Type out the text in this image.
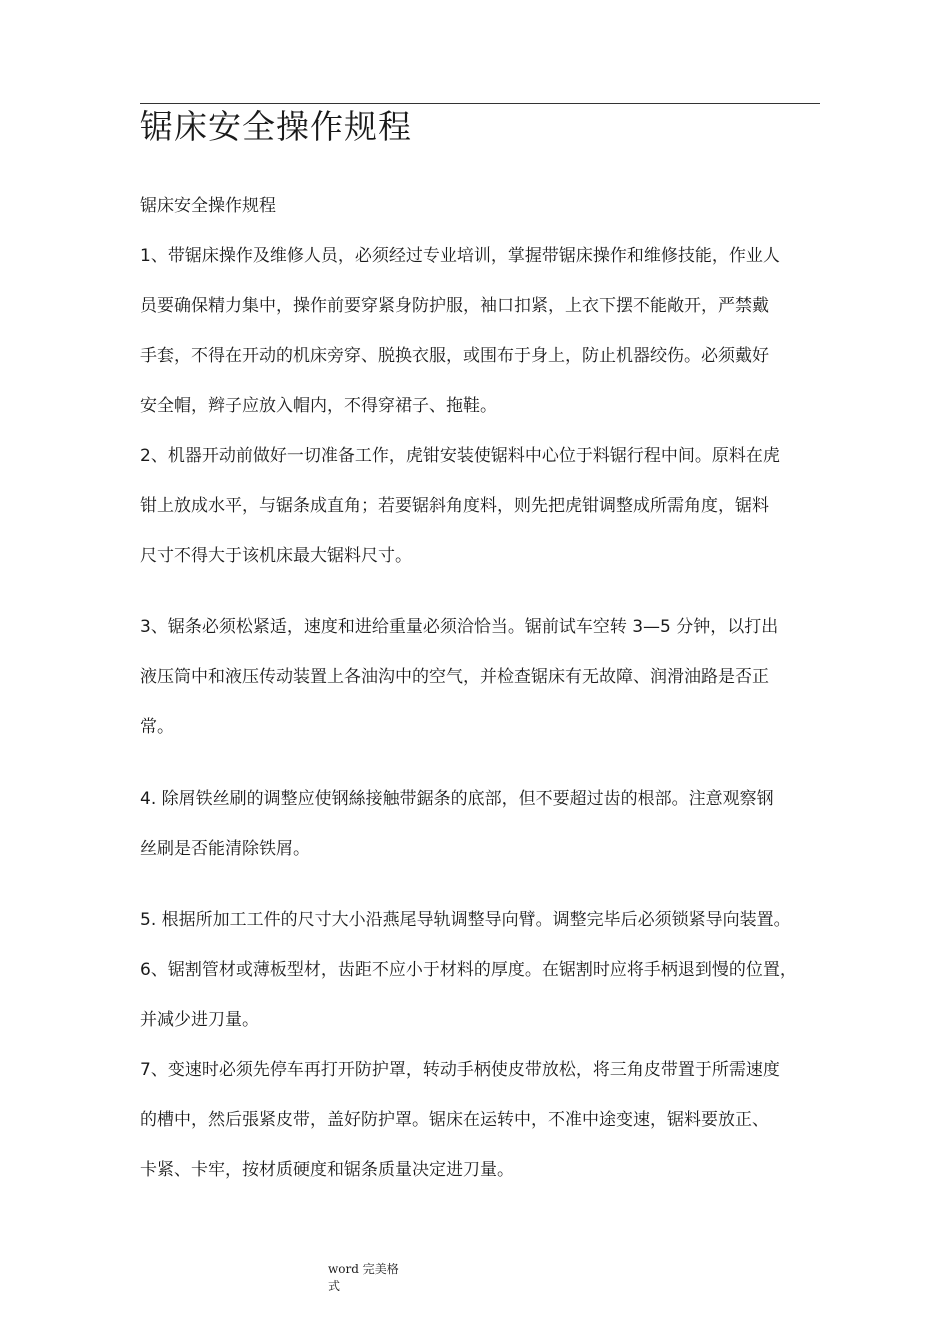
锯床安全操作规程
锯床安全操作规程
1、带锯床操作及维修人员，必须经过专业培训，掌握带锯床操作和维修技能，作业人
员要确保精力集中，操作前要穿紧身防护服，袖口扣紧，上衣下摆不能敞开，严禁戴
手套，不得在开动的机床旁穿、脱换衣服，或围布于身上，防止机器绞伤。必须戴好
安全帽，辫子应放入帽内，不得穿裙子、拖鞋。
2、机器开动前做好一切准备工作，虎钳安装使锯料中心位于料锯行程中间。原料在虎
钳上放成水平，与锯条成直角；若要锯斜角度料，则先把虎钳调整成所需角度，锯料
尺寸不得大于该机床最大锯料尺寸。
3、锯条必须松紧适，速度和进给重量必须洽恰当。锯前试车空转 3—5 分钟，以打出
液压筒中和液压传动装置上各油沟中的空气，并检查锯床有无故障、润滑油路是否正
常。
4. 除屑铁丝刷的调整应使钢絲接触带鋸条的底部，但不要超过齿的根部。注意观察钢
丝刷是否能清除铁屑。
5. 根据所加工工件的尺寸大小沿燕尾导轨调整导向臂。调整完毕后必须锁紧导向装置。
6、锯割管材或薄板型材，齿距不应小于材料的厚度。在锯割时应将手柄退到慢的位置，
并减少进刀量。
7、变速时必须先停车再打开防护罩，转动手柄使皮带放松，将三角皮带置于所需速度
的槽中，然后張紧皮带，盖好防护罩。锯床在运转中，不准中途变速，锯料要放正、
卡紧、卡牢，按材质硬度和锯条质量决定进刀量。
word 完美格式
